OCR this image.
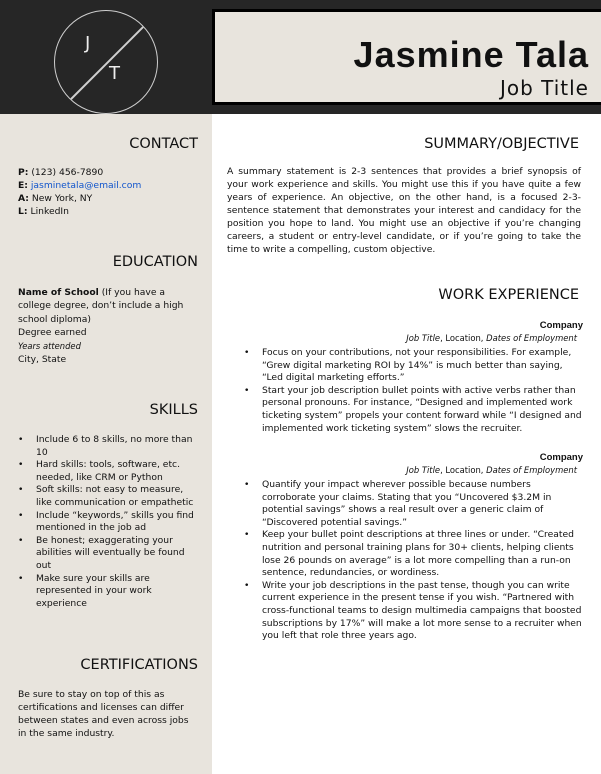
J
T	Jasmine Tala
Job Title
CONTACT
P: (123) 456-7890
E: jasminetala@email.com
A: New York, NY
L: LinkedIn
EDUCATION
Name of School (If you have a college degree, don’t include a high school diploma)
Degree earned
Years attended
City, State
SKILLS
• Include 6 to 8 skills, no more than 10
• Hard skills: tools, software, etc. needed, like CRM or Python
• Soft skills: not easy to measure, like communication or empathetic
• Include “keywords,” skills you find mentioned in the job ad
• Be honest; exaggerating your abilities will eventually be found out
• Make sure your skills are represented in your work experience
CERTIFICATIONS
Be sure to stay on top of this as certifications and licenses can differ between states and even across jobs in the same industry.
SUMMARY/OBJECTIVE
A summary statement is 2-3 sentences that provides a brief synopsis of your work experience and skills. You might use this if you have quite a few years of experience. An objective, on the other hand, is a focused 2-3-sentence statement that demonstrates your interest and candidacy for the position you hope to land. You might use an objective if you’re changing careers, a student or entry-level candidate, or if you’re going to take the time to write a compelling, custom objective.
WORK EXPERIENCE
Company
Job Title, Location, Dates of Employment
• Focus on your contributions, not your responsibilities. For example, “Grew digital marketing ROI by 14%” is much better than saying, “Led digital marketing efforts.”
• Start your job description bullet points with active verbs rather than personal pronouns. For instance, “Designed and implemented work ticketing system” propels your content forward while “I designed and implemented work ticketing system” slows the recruiter.
Company
Job Title, Location, Dates of Employment
• Quantify your impact wherever possible because numbers corroborate your claims. Stating that you “Uncovered $3.2M in potential savings” shows a real result over a generic claim of “Discovered potential savings.”
• Keep your bullet point descriptions at three lines or under. “Created nutrition and personal training plans for 30+ clients, helping clients lose 26 pounds on average” is a lot more compelling than a run-on sentence, redundancies, or wordiness.
• Write your job descriptions in the past tense, though you can write current experience in the present tense if you wish. “Partnered with cross-functional teams to design multimedia campaigns that boosted subscriptions by 17%” will make a lot more sense to a recruiter when you left that role three years ago.
